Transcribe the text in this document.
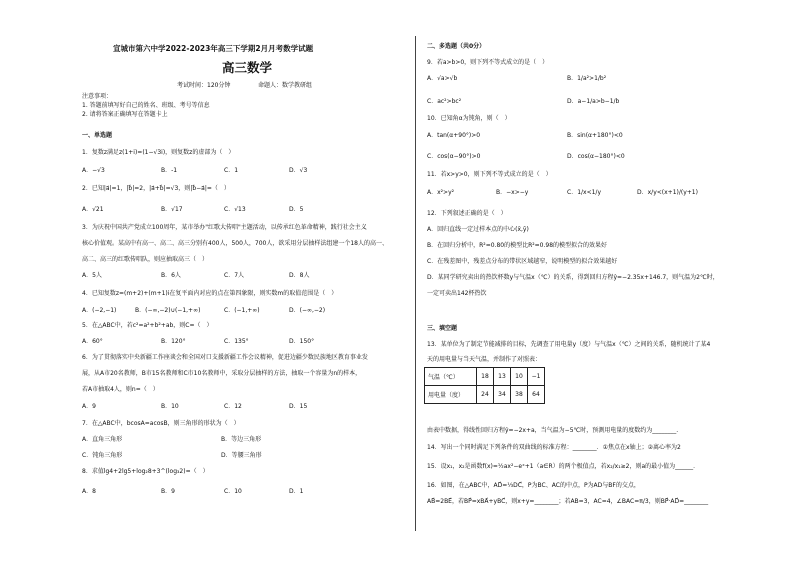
宣城市第六中学2022-2023年高三下学期2月月考数学试题
高三数学
考试时间：120分钟	命题人：数学教研组
注意事项：
1. 答题前填写好自己的姓名、班级、考号等信息
2. 请将答案正确填写在答题卡上
一、单选题
1．复数z满足z(1+i)=(1−√3i)，则复数z的虚部为（　）
A．−√3	B．-1	C．1	D．√3
2．已知|a⃗|=1，|b⃗|=2，|a⃗+b⃗|=√3，则|b⃗−a⃗|=（　）
A．√21	B．√17	C．√13	D．5
3．为庆祝中国共产党成立100周年，某市举办"红歌大传唱"主题活动，以传承红色革命精神，践行社会主义
核心价值观。某高中有高一、高二、高三分别有400人，500人，700人，欲采用分层抽样法组建一个18人的高一、
高二、高三的红歌传唱队，则应抽取高三（　）
A．5人	B．6人	C．7人	D．8人
4．已知复数z=(m+2)+(m+1)i在复平面内对应的点在第四象限，则实数m的取值范围是（　）
A．(−2,−1)	B．(−∞,−2)∪(−1,+∞)	C．(−1,+∞)	D．(−∞,−2)
5．在△ABC中，若c²=a²+b²+ab，则C=（　）
A．60°	B．120°	C．135°	D．150°
6．为了贯彻落实中央新疆工作座谈会和全国对口支援新疆工作会议精神，促进边疆少数民族地区教育事业发
展，从A市20名教师，B市15名教师和C市10名教师中，采取分层抽样的方法，抽取一个容量为n的样本，
若A市抽取4人，则n=（　）
A．9	B．10	C．12	D．15
7．在△ABC中，bcosA=acosB，则三角形的形状为（　）
A．直角三角形	B．等边三角形
C．钝角三角形	D．等腰三角形
8．求值lg4+2lg5+log₂8+3^(log₃2)=（　）
A．8	B．9	C．10	D．1
二、多选题（共0分）
9．若a>b>0，则下列不等式成立的是（　）
A．√a>√b	B．1/a²>1/b²
C．ac²>bc²	D．a−1/a>b−1/b
10．已知角α为钝角，则（　）
A．tan(α+90°)>0	B．sin(α+180°)<0
C．cos(α−90°)>0	D．cos(α−180°)<0
11．若x>y>0，则下列不等式成立的是（　）
A．x²>y²	B．−x>−y	C．1/x<1/y	D．x/y<(x+1)/(y+1)
12．下列叙述正确的是（　）
A．回归直线一定过样本点的中心(x̄,ȳ)
B．在回归分析中，R²=0.80的模型比R²=0.98的模型拟合的效果好
C．在残差图中，残差点分布的带状区域越窄，说明模型的拟合效果越好
D．某同学研究卖出的热饮杯数y与气温x（℃）的关系，得到回归方程ŷ=−2.35x+146.7，则气温为2℃时，
一定可卖出142杯热饮
三、填空题
13．某单位为了制定节能减排的目标，先调查了用电量y（度）与气温x（℃）之间的关系，随机统计了某4
天的用电量与当天气温，并制作了对照表：
气温（℃）	18	13	10	−1
用电量（度）	24	34	38	64
由表中数据，得线性回归方程ŷ=−2x+a，当气温为−5℃时，预测用电量的度数约为________.
14．写出一个同时满足下列条件的双曲线的标准方程：________．①焦点在x轴上；②离心率为2
15．设x₁，x₂是函数f(x)=½ax²−eˣ+1（a∈R）的两个极值点，若x₂/x₁≥2，则a的最小值为______．
16．如图，在△ABC中，AD⃗=⅓DC⃗，P为BC、AC的中点，P为AD与BF的交点，
AB⃗=2BE⃗，若BP⃗=xBA⃗+yBC⃗，则x+y=________；若AB=3，AC=4，∠BAC=π/3，则BP⃗·AD⃗=________
